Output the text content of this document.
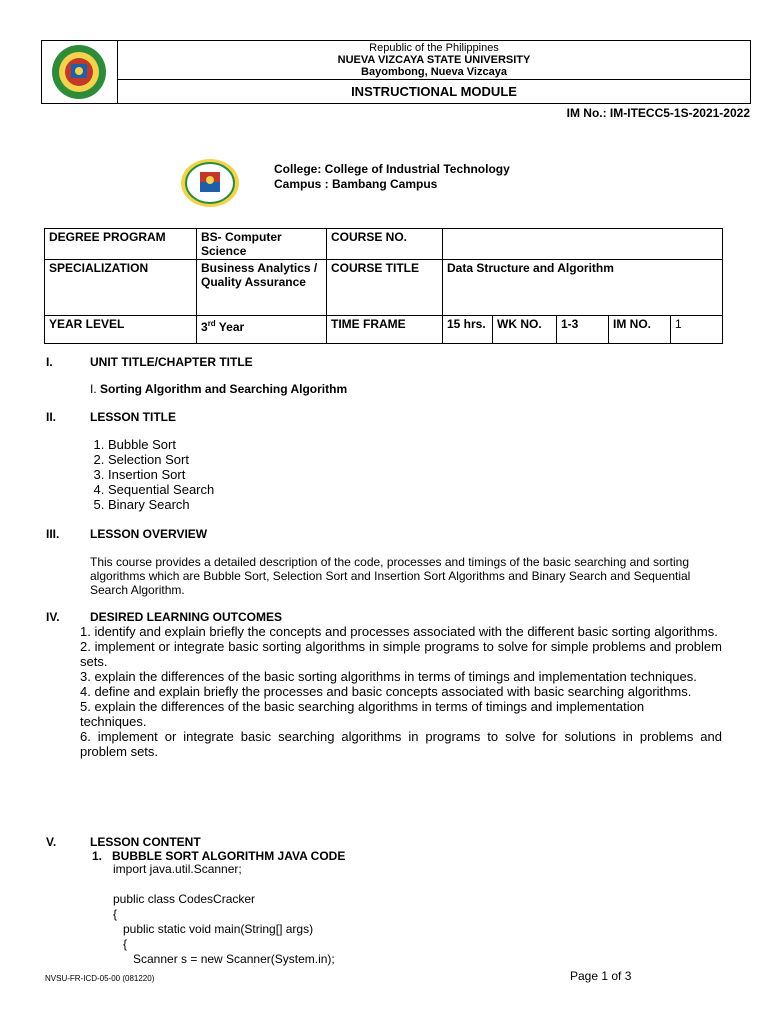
Republic of the Philippines
NUEVA VIZCAYA STATE UNIVERSITY
Bayombong, Nueva Vizcaya
INSTRUCTIONAL MODULE
IM No.: IM-ITECC5-1S-2021-2022
College: College of Industrial Technology
Campus : Bambang Campus
DEGREE PROGRAM	BS- Computer Science	COURSE NO.					
SPECIALIZATION	Business Analytics / Quality Assurance	COURSE TITLE	Data Structure and Algorithm				
YEAR LEVEL	3rd Year	TIME FRAME	15 hrs.	WK NO.	1-3	IM NO.	1
I.	UNIT TITLE/CHAPTER TITLE
I. Sorting Algorithm and Searching Algorithm
II.	LESSON TITLE
1. Bubble Sort
2. Selection Sort
3. Insertion Sort
4. Sequential Search
5. Binary Search
III.	LESSON OVERVIEW
This course provides a detailed description of the code, processes and timings of the basic searching and sorting algorithms which are Bubble Sort, Selection Sort and Insertion Sort Algorithms and Binary Search and Sequential Search Algorithm.
IV.	DESIRED LEARNING OUTCOMES

1. identify and explain briefly the concepts and processes associated with the different basic sorting algorithms.

2. implement or integrate basic sorting algorithms in simple programs to solve for simple problems and problem sets.

3. explain the differences of the basic sorting algorithms in terms of timings and implementation techniques.

4. define and explain briefly the processes and basic concepts associated with basic searching algorithms.

5. explain the differences of the basic searching algorithms in terms of timings and implementation

techniques.

6. implement or integrate basic searching algorithms in programs to solve for solutions in problems and problem sets.

V.	LESSON CONTENT
1.   BUBBLE SORT ALGORITHM JAVA CODE
import java.util.Scanner;
public class CodesCracker
{
public static void main(String[] args)
{
Scanner s = new Scanner(System.in);
NVSU-FR-ICD-05-00 (081220)	Page 1 of 3
